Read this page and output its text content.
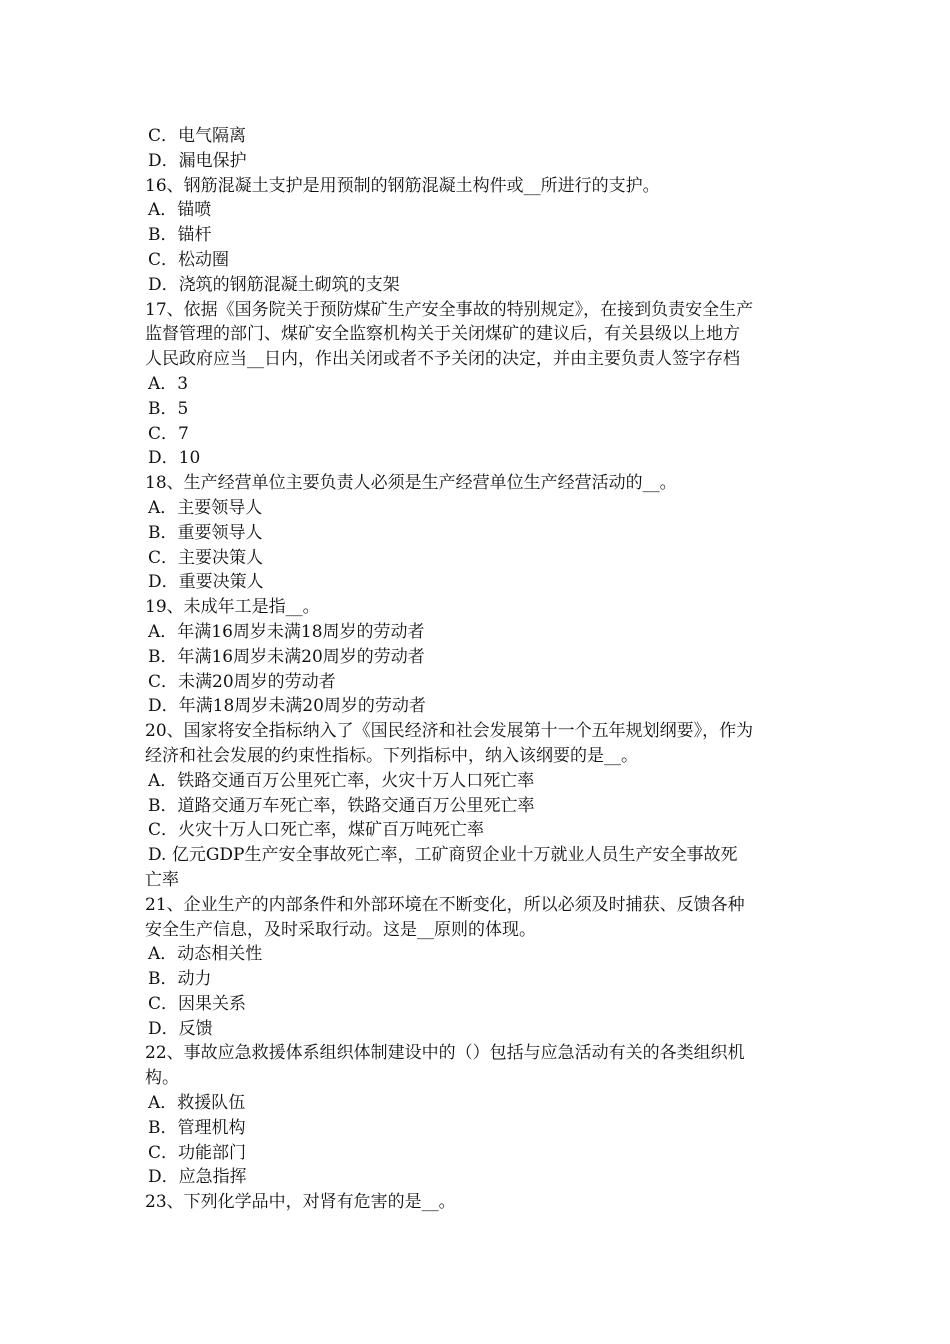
C．电气隔离
D．漏电保护
16、钢筋混凝土支护是用预制的钢筋混凝土构件或__所进行的支护。
A．锚喷
B．锚杆
C．松动圈
D．浇筑的钢筋混凝土砌筑的支架
17、依据《国务院关于预防煤矿生产安全事故的特别规定》，在接到负责安全生产
监督管理的部门、煤矿安全监察机构关于关闭煤矿的建议后，有关县级以上地方
人民政府应当__日内，作出关闭或者不予关闭的决定，并由主要负责人签字存档
A．3
B．5
C．7
D．10
18、生产经营单位主要负责人必须是生产经营单位生产经营活动的__。
A．主要领导人
B．重要领导人
C．主要决策人
D．重要决策人
19、未成年工是指__。
A．年满16周岁未满18周岁的劳动者
B．年满16周岁未满20周岁的劳动者
C．未满20周岁的劳动者
D．年满18周岁未满20周岁的劳动者
20、国家将安全指标纳入了《国民经济和社会发展第十一个五年规划纲要》，作为
经济和社会发展的约束性指标。下列指标中，纳入该纲要的是__。
A．铁路交通百万公里死亡率，火灾十万人口死亡率
B．道路交通万车死亡率，铁路交通百万公里死亡率
C．火灾十万人口死亡率，煤矿百万吨死亡率
D. 亿元GDP生产安全事故死亡率，工矿商贸企业十万就业人员生产安全事故死
亡率
21、企业生产的内部条件和外部环境在不断变化，所以必须及时捕获、反馈各种
安全生产信息，及时采取行动。这是__原则的体现。
A．动态相关性
B．动力
C．因果关系
D．反馈
22、事故应急救援体系组织体制建设中的（）包括与应急活动有关的各类组织机
构。
A．救援队伍
B．管理机构
C．功能部门
D．应急指挥
23、下列化学品中，对肾有危害的是__。
